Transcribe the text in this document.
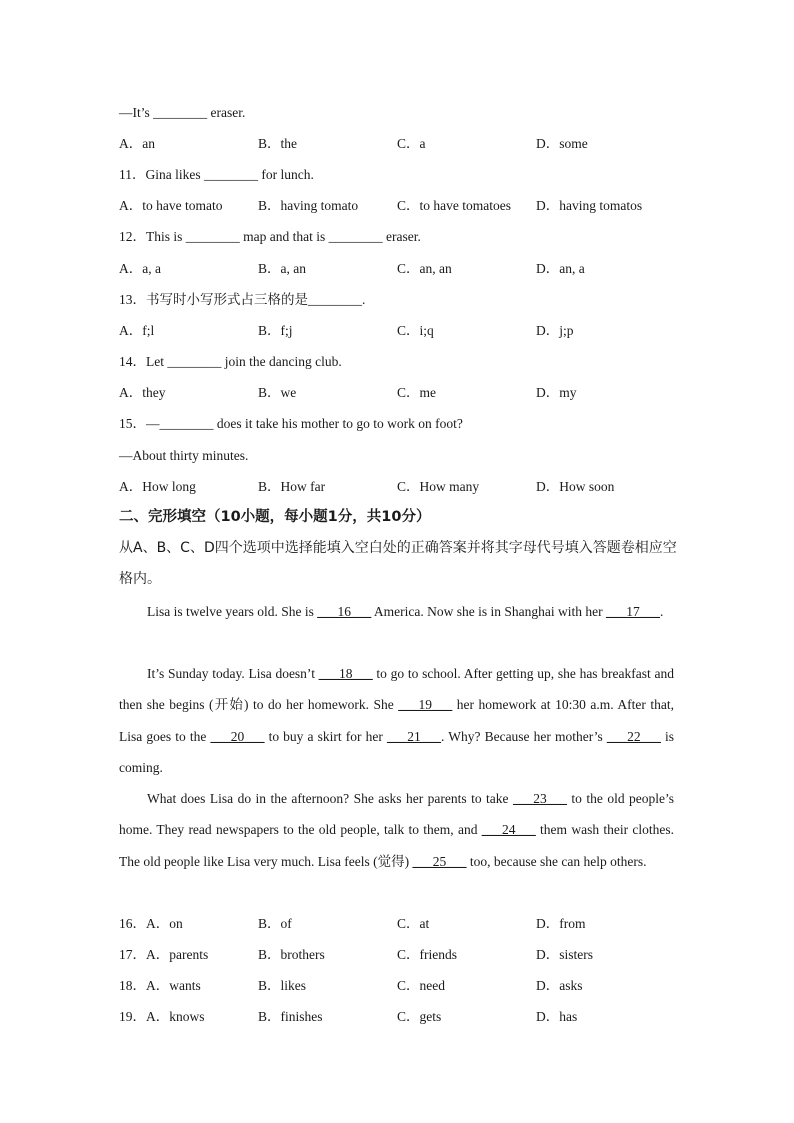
—It’s ________ eraser.
A．an	B．the	C．a	D．some
11．Gina likes ________ for lunch.
A．to have tomato	B．having tomato	C．to have tomatoes D．having tomatos
12．This is ________ map and that is ________ eraser.
A．a, a	B．a, an	C．an, an	D．an, a
13．书写时小写形式占三格的是________.
A．f;l	B．f;j	C．i;q	D．j;p
14．Let ________ join the dancing club.
A．they	B．we	C．me	D．my
15．—________ does it take his mother to go to work on foot?
—About thirty minutes.
A．How long	B．How far	C．How many	D．How soon
二、完形填空（10小题，每小题1分，共10分）
从A、B、C、D四个选项中选择能填入空白处的正确答案并将其字母代号填入答题卷相应空格内。
Lisa is twelve years old. She is ___16___ America. Now she is in Shanghai with her ___17___.
It’s Sunday today. Lisa doesn’t ___18___ to go to school. After getting up, she has breakfast and then she begins (开始) to do her homework. She ___19___ her homework at 10:30 a.m. After that, Lisa goes to the ___20___ to buy a skirt for her ___21___. Why? Because her mother’s ___22___ is coming.
What does Lisa do in the afternoon? She asks her parents to take ___23___ to the old people’s home. They read newspapers to the old people, talk to them, and ___24___ them wash their clothes. The old people like Lisa very much. Lisa feels (觉得) ___25___ too, because she can help others.
16．A．on	B．of	C．at	D．from
17．A．parents	B．brothers	C．friends	D．sisters
18．A．wants	B．likes	C．need	D．asks
19．A．knows	B．finishes	C．gets	D．has
